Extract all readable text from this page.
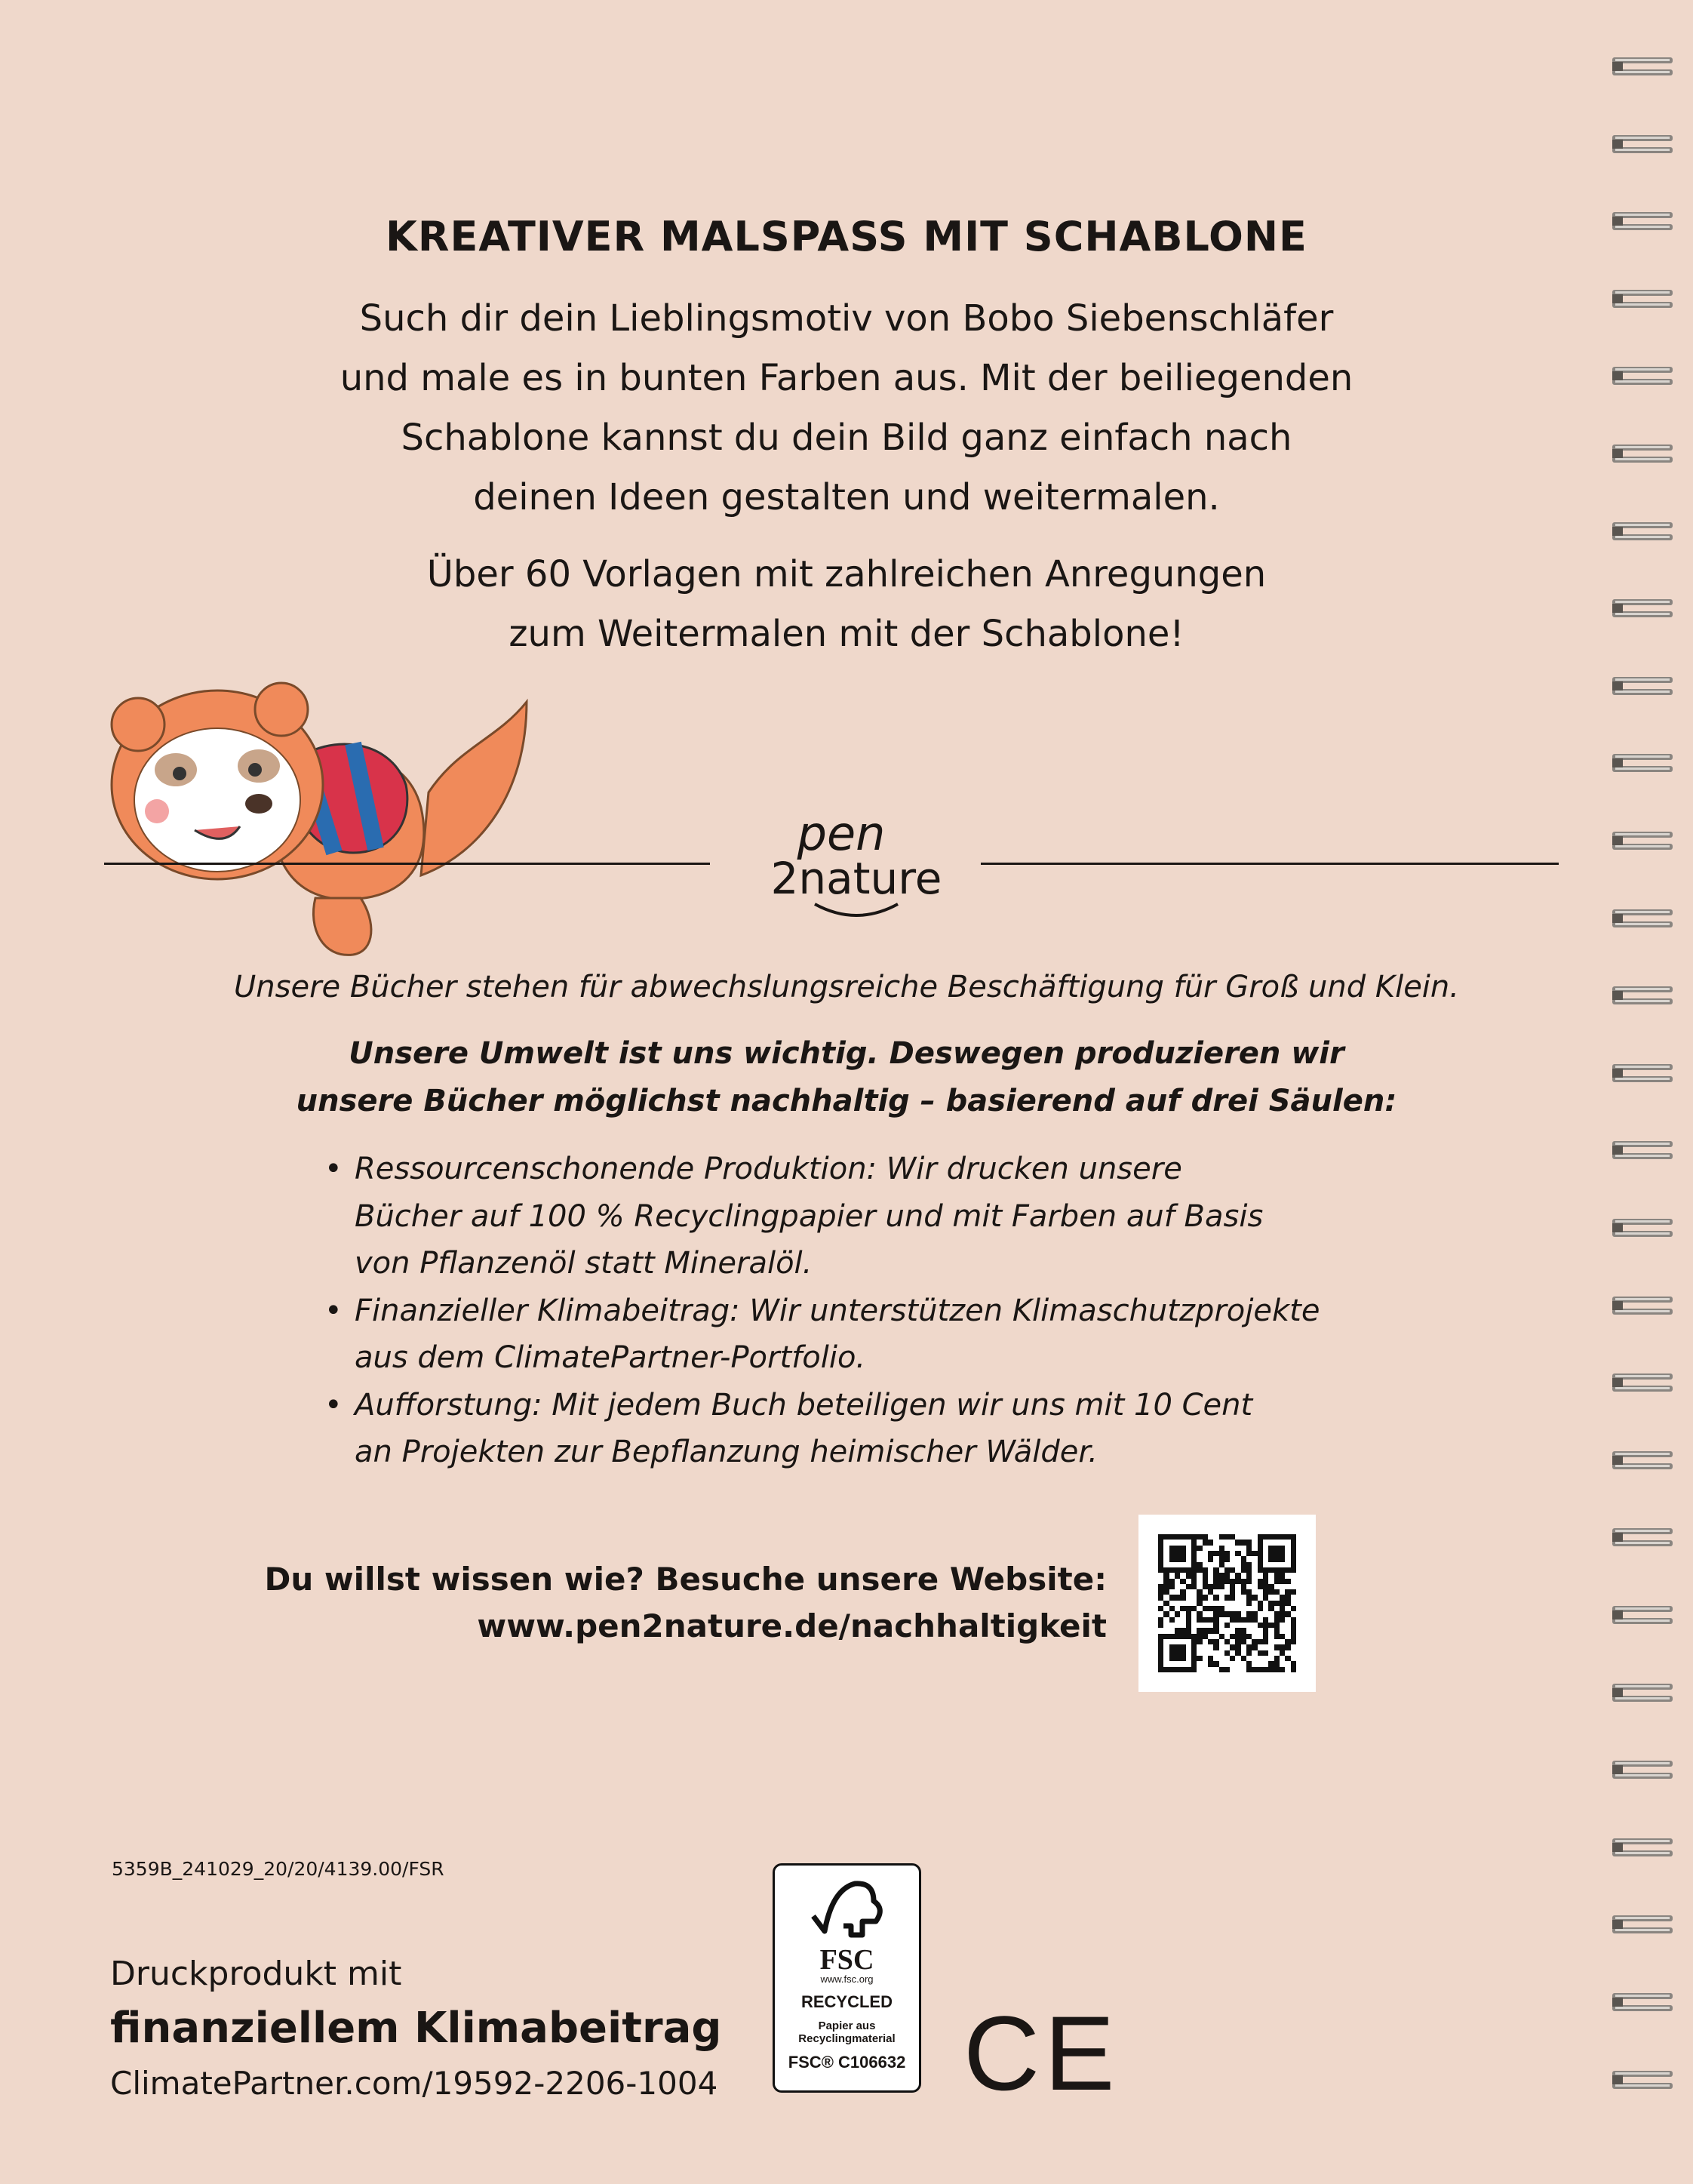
KREATIVER MALSPASS MIT SCHABLONE
Such dir dein Lieblingsmotiv von Bobo Siebenschläfer
und male es in bunten Farben aus. Mit der beiliegenden
Schablone kannst du dein Bild ganz einfach nach
deinen Ideen gestalten und weitermalen.
Über 60 Vorlagen mit zahlreichen Anregungen
zum Weitermalen mit der Schablone!
pen
2nature
Unsere Bücher stehen für abwechslungsreiche Beschäftigung für Groß und Klein.
Unsere Umwelt ist uns wichtig. Deswegen produzieren wir
unsere Bücher möglichst nachhaltig – basierend auf drei Säulen:
• Ressourcenschonende Produktion: Wir drucken unsere
Bücher auf 100 % Recyclingpapier und mit Farben auf Basis
von Pflanzenöl statt Mineralöl.
• Finanzieller Klimabeitrag: Wir unterstützen Klimaschutzprojekte
aus dem ClimatePartner-Portfolio.
• Aufforstung: Mit jedem Buch beteiligen wir uns mit 10 Cent
an Projekten zur Bepflanzung heimischer Wälder.
Du willst wissen wie? Besuche unsere Website:
www.pen2nature.de/nachhaltigkeit
5359B_241029_20/20/4139.00/FSR
Druckprodukt mit
finanziellem Klimabeitrag
ClimatePartner.com/19592-2206-1004
FSC
www.fsc.org
RECYCLED
Papier aus
Recyclingmaterial
FSC® C106632 CE
